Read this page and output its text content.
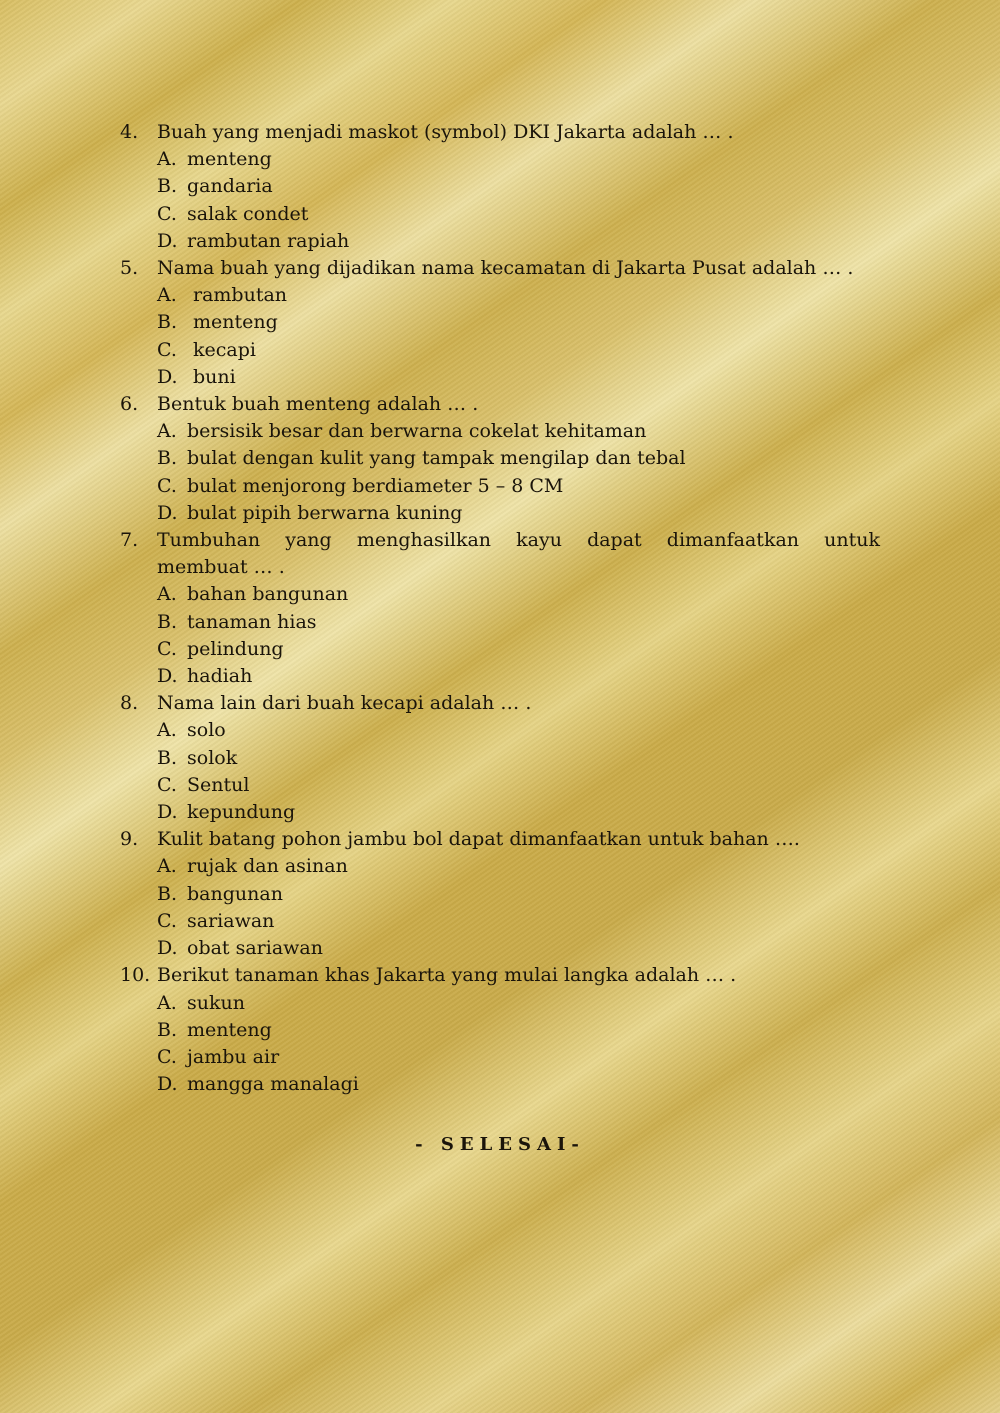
4. Buah yang menjadi maskot (symbol) DKI Jakarta adalah … .
A. menteng
B. gandaria
C. salak condet
D. rambutan rapiah
5. Nama buah yang dijadikan nama kecamatan di Jakarta Pusat adalah … .
A. rambutan
B. menteng
C. kecapi
D. buni
6. Bentuk buah menteng adalah … .
A. bersisik besar dan berwarna cokelat kehitaman
B. bulat dengan kulit yang tampak mengilap dan tebal
C. bulat menjorong berdiameter 5 – 8 CM
D. bulat pipih berwarna kuning
7. Tumbuhan yang menghasilkan kayu dapat dimanfaatkan untuk
membuat … .
A. bahan bangunan
B. tanaman hias
C. pelindung
D. hadiah
8. Nama lain dari buah kecapi adalah … .
A. solo
B. solok
C. Sentul
D. kepundung
9. Kulit batang pohon jambu bol dapat dimanfaatkan untuk bahan ….
A. rujak dan asinan
B. bangunan
C. sariawan
D. obat sariawan
10. Berikut tanaman khas Jakarta yang mulai langka adalah … .
A. sukun
B. menteng
C. jambu air
D. mangga manalagi
- SELESAI-
